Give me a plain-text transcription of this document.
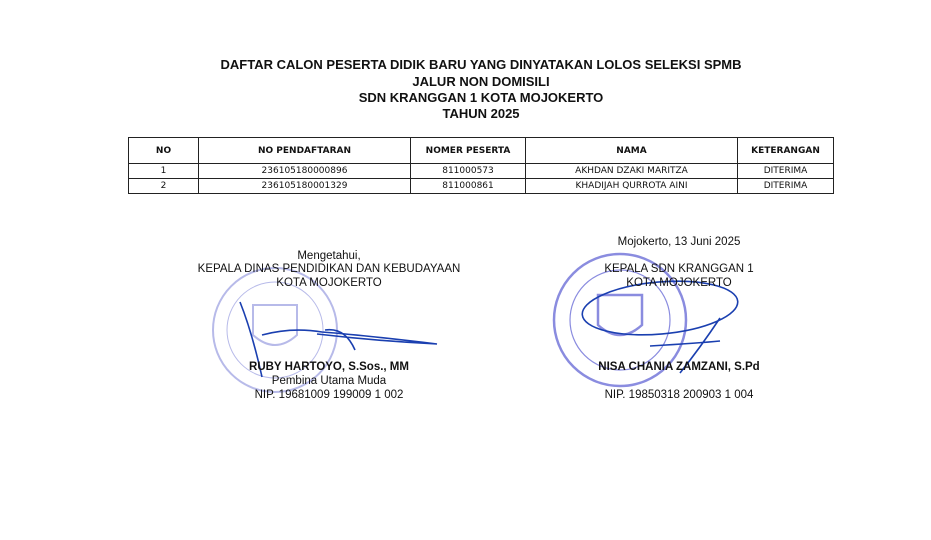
DAFTAR CALON PESERTA DIDIK BARU YANG DINYATAKAN LOLOS SELEKSI SPMB
JALUR NON DOMISILI
SDN KRANGGAN 1 KOTA MOJOKERTO
TAHUN 2025
NO	NO PENDAFTARAN	NOMER PESERTA	NAMA	KETERANGAN
1	236105180000896	811000573	AKHDAN DZAKI MARITZA	DITERIMA
2	236105180001329	811000861	KHADIJAH QURROTA AINI	DITERIMA
Mengetahui,
KEPALA DINAS PENDIDIKAN DAN KEBUDAYAAN
KOTA MOJOKERTO
RUBY HARTOYO, S.Sos., MM
Pembina Utama Muda
NIP. 19681009 199009 1 002
Mojokerto, 13 Juni 2025
KEPALA SDN KRANGGAN 1
KOTA MOJOKERTO
NISA CHANIA ZAMZANI, S.Pd
NIP. 19850318 200903 1 004
